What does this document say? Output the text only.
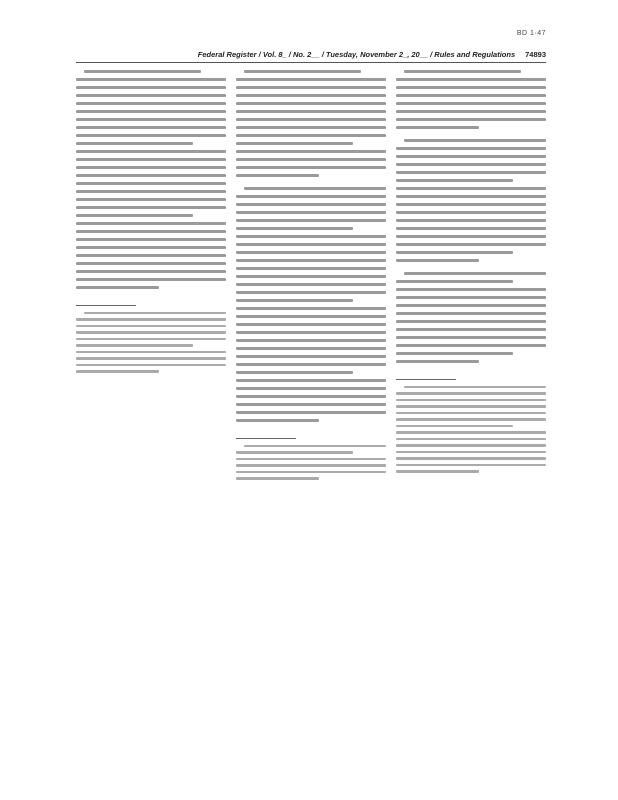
BD 1·47
Federal Register / Vol. 8_ / No. 2__ / Tuesday, November 2_, 20__ / Rules and Regulations 74893
